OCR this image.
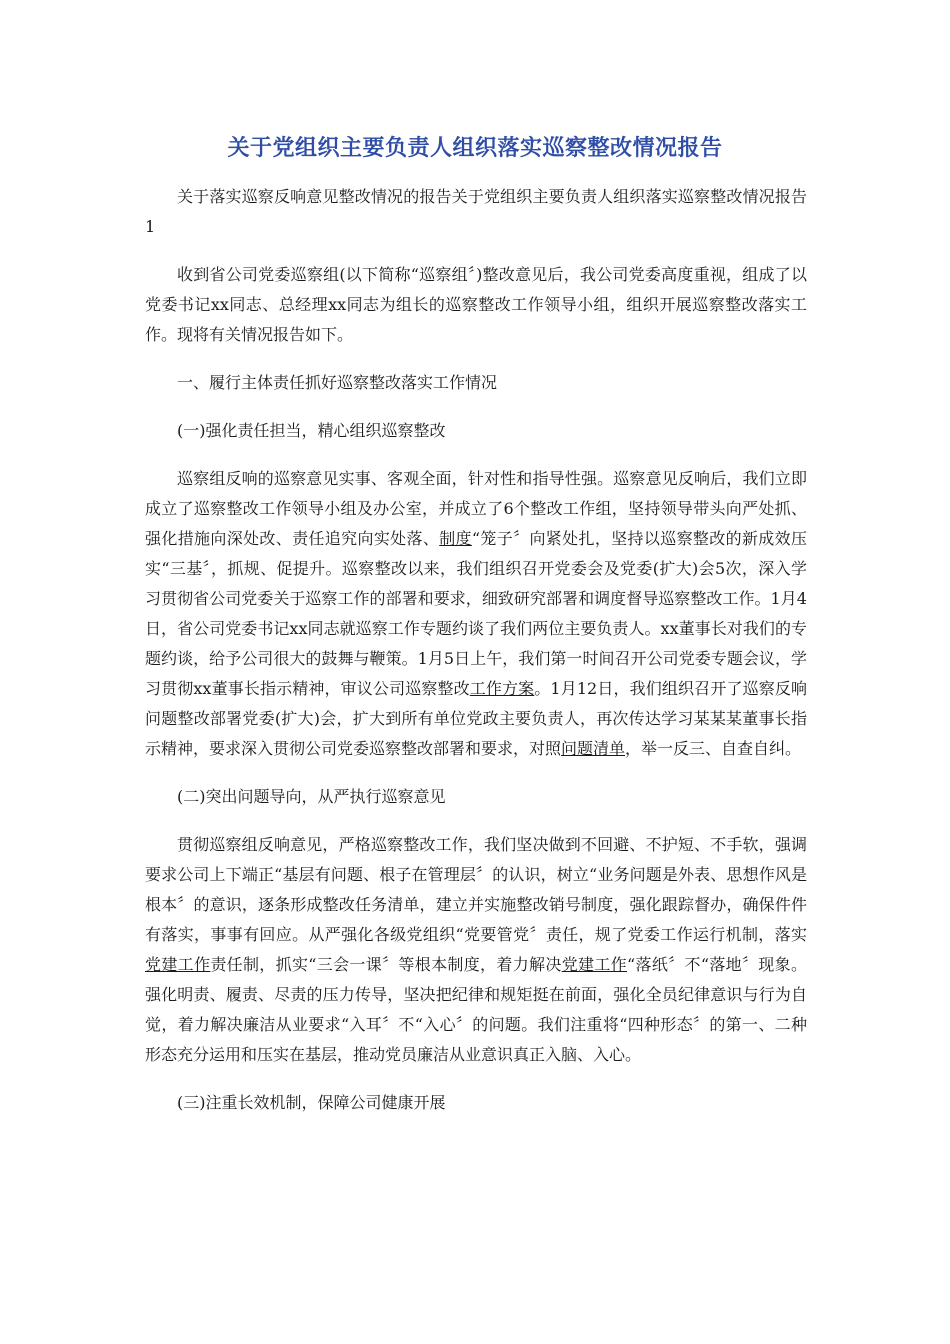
关于党组织主要负责人组织落实巡察整改情况报告

关于落实巡察反响意见整改情况的报告关于党组织主要负责人组织落实巡察整改情况报告1

收到省公司党委巡察组(以下简称“巡察组〞)整改意见后，我公司党委高度重视，组成了以党委书记xx同志、总经理xx同志为组长的巡察整改工作领导小组，组织开展巡察整改落实工作。现将有关情况报告如下。

一、履行主体责任抓好巡察整改落实工作情况

(一)强化责任担当，精心组织巡察整改

巡察组反响的巡察意见实事、客观全面，针对性和指导性强。巡察意见反响后，我们立即成立了巡察整改工作领导小组及办公室，并成立了6个整改工作组，坚持领导带头向严处抓、强化措施向深处改、责任追究向实处落、制度“笼子〞向紧处扎，坚持以巡察整改的新成效压实“三基〞，抓规、促提升。巡察整改以来，我们组织召开党委会及党委(扩大)会5次，深入学习贯彻省公司党委关于巡察工作的部署和要求，细致研究部署和调度督导巡察整改工作。1月4日，省公司党委书记xx同志就巡察工作专题约谈了我们两位主要负责人。xx董事长对我们的专题约谈，给予公司很大的鼓舞与鞭策。1月5日上午，我们第一时间召开公司党委专题会议，学习贯彻xx董事长指示精神，审议公司巡察整改工作方案。1月12日，我们组织召开了巡察反响问题整改部署党委(扩大)会，扩大到所有单位党政主要负责人，再次传达学习某某某董事长指示精神，要求深入贯彻公司党委巡察整改部署和要求，对照问题清单，举一反三、自查自纠。

(二)突出问题导向，从严执行巡察意见

贯彻巡察组反响意见，严格巡察整改工作，我们坚决做到不回避、不护短、不手软，强调要求公司上下端正“基层有问题、根子在管理层〞的认识，树立“业务问题是外表、思想作风是根本〞的意识，逐条形成整改任务清单，建立并实施整改销号制度，强化跟踪督办，确保件件有落实，事事有回应。从严强化各级党组织“党要管党〞责任，规了党委工作运行机制，落实党建工作责任制，抓实“三会一课〞等根本制度，着力解决党建工作“落纸〞不“落地〞现象。强化明责、履责、尽责的压力传导，坚决把纪律和规矩挺在前面，强化全员纪律意识与行为自觉，着力解决廉洁从业要求“入耳〞不“入心〞的问题。我们注重将“四种形态〞的第一、二种形态充分运用和压实在基层，推动党员廉洁从业意识真正入脑、入心。

(三)注重长效机制，保障公司健康开展
